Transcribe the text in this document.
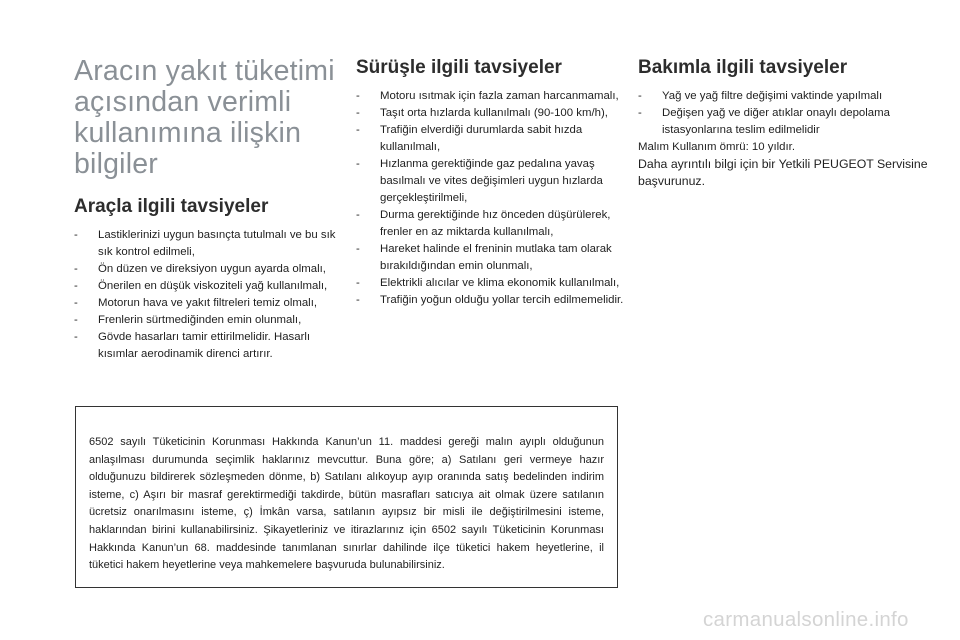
Aracın yakıt tüketimi
açısından verimli
kullanımına ilişkin
bilgiler
Araçla ilgili tavsiyeler
- Lastiklerinizi uygun basınçta tutulmalı ve bu sık sık kontrol edilmeli,
- Ön düzen ve direksiyon uygun ayarda olmalı,
- Önerilen en düşük viskoziteli yağ kullanılmalı,
- Motorun hava ve yakıt filtreleri temiz olmalı,
- Frenlerin sürtmediğinden emin olunmalı,
- Gövde hasarları tamir ettirilmelidir. Hasarlı kısımlar aerodinamik direnci artırır.
Sürüşle ilgili tavsiyeler
- Motoru ısıtmak için fazla zaman harcanmamalı,
- Taşıt orta hızlarda kullanılmalı (90-100 km/h),
- Trafiğin elverdiği durumlarda sabit hızda kullanılmalı,
- Hızlanma gerektiğinde gaz pedalına yavaş basılmalı ve vites değişimleri uygun hızlarda gerçekleştirilmeli,
- Durma gerektiğinde hız önceden düşürülerek, frenler en az miktarda kullanılmalı,
- Hareket halinde el freninin mutlaka tam olarak bırakıldığından emin olunmalı,
- Elektrikli alıcılar ve klima ekonomik kullanılmalı,
- Trafiğin yoğun olduğu yollar tercih edilmemelidir.
Bakımla ilgili tavsiyeler
- Yağ ve yağ filtre değişimi vaktinde yapılmalı
- Değişen yağ ve diğer atıklar onaylı depolama istasyonlarına teslim edilmelidir

Malım Kullanım ömrü: 10 yıldır.

Daha ayrıntılı bilgi için bir Yetkili PEUGEOT Servisine başvurunuz.

6502 sayılı Tüketicinin Korunması Hakkında Kanun’un 11. maddesi gereği malın ayıplı olduğunun anlaşılması durumunda seçimlik haklarınız mevcuttur. Buna göre; a) Satılanı geri vermeye hazır olduğunuzu bildirerek sözleşmeden dönme, b) Satılanı alıkoyup ayıp oranında satış bedelinden indirim isteme, c) Aşırı bir masraf gerektirmediği takdirde, bütün masrafları satıcıya ait olmak üzere satılanın ücretsiz onarılmasını isteme, ç) İmkân varsa, satılanın ayıpsız bir misli ile değiştirilmesini isteme, haklarından birini kullanabilirsiniz. Şikayetleriniz ve itirazlarınız için 6502 sayılı Tüketicinin Korunması Hakkında Kanun’un 68. maddesinde tanımlanan sınırlar dahilinde ilçe tüketici hakem heyetlerine, il tüketici hakem heyetlerine veya mahkemelere başvuruda bulunabilirsiniz.

carmanualsonline.info
